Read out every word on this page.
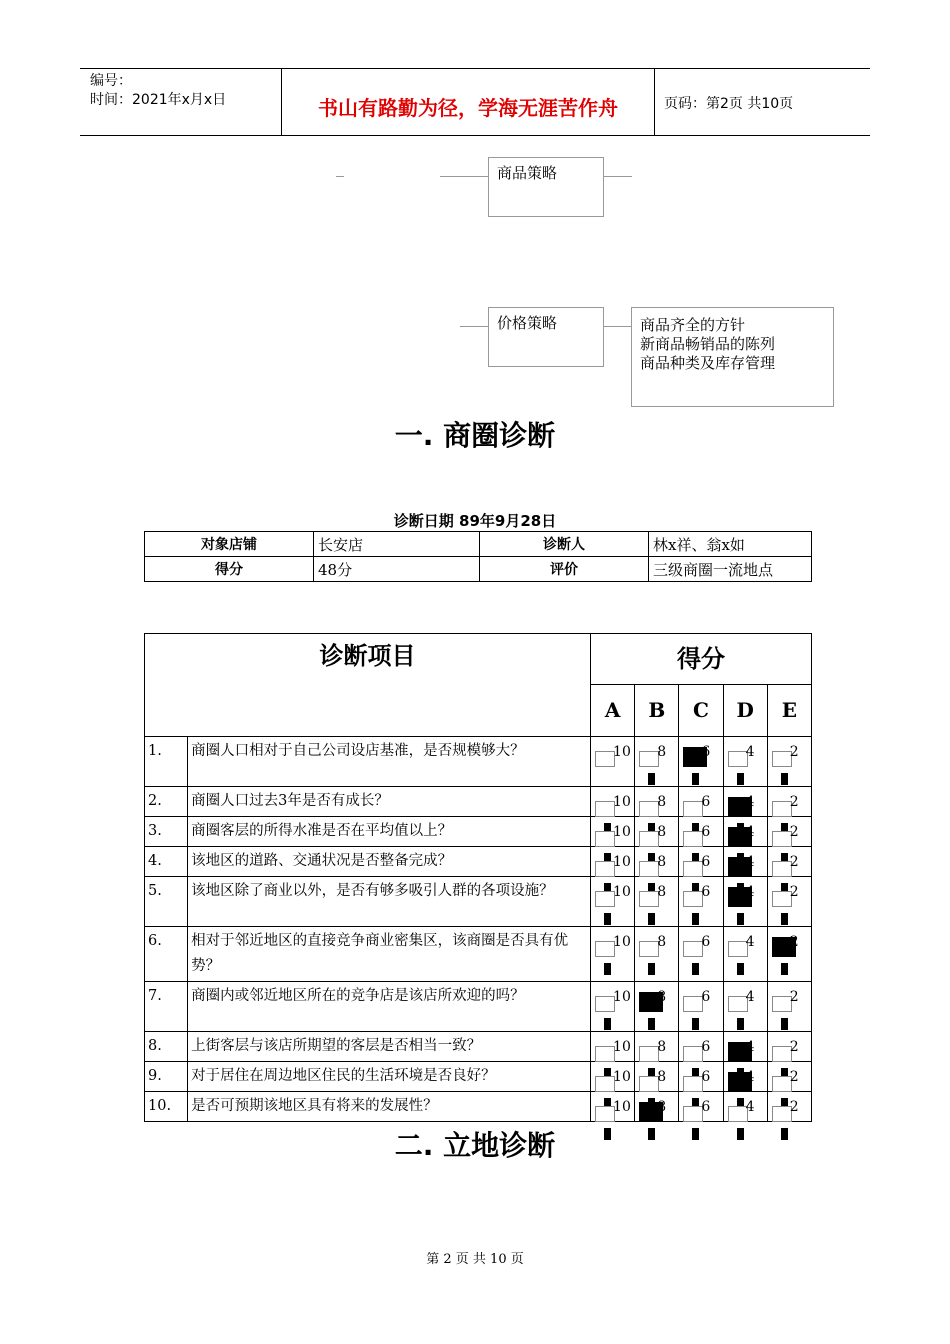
编号：
时间：2021年x月x日	书山有路勤为径，学海无涯苦作舟	页码：第2页 共10页
商品策略
价格策略	商品齐全的方针
新商品畅销品的陈列
商品种类及库存管理
一. 商圈诊断
诊断日期 89年9月28日
对象店铺	长安店	诊断人	林x祥、翁x如
得分	48分	评价	三级商圈一流地点
诊断项目		得分				
		A	B	C	D	E
1.	商圈人口相对于自己公司设店基准，是否规模够大？	10	8	6	4	2

2.	商圈人口过去3年是否有成长？	10	8	6	4	2

3.	商圈客层的所得水准是否在平均值以上？	10	8	6	4	2

4.	该地区的道路、交通状况是否整备完成？	10	8	6	4	2

5.	该地区除了商业以外，是否有够多吸引人群的各项设施？	10	8	6	4	2

6.	相对于邻近地区的直接竞争商业密集区，该商圈是否具有优势？	10	8	6	4	2

7.	商圈内或邻近地区所在的竞争店是该店所欢迎的吗？	10	8	6	4	2

8.	上街客层与该店所期望的客层是否相当一致？	10	8	6	4	2

9.	对于居住在周边地区住民的生活环境是否良好？	10	8	6	4	2

10.	是否可预期该地区具有将来的发展性？	10	8	6	4	2
二. 立地诊断
第 2 页 共 10 页
